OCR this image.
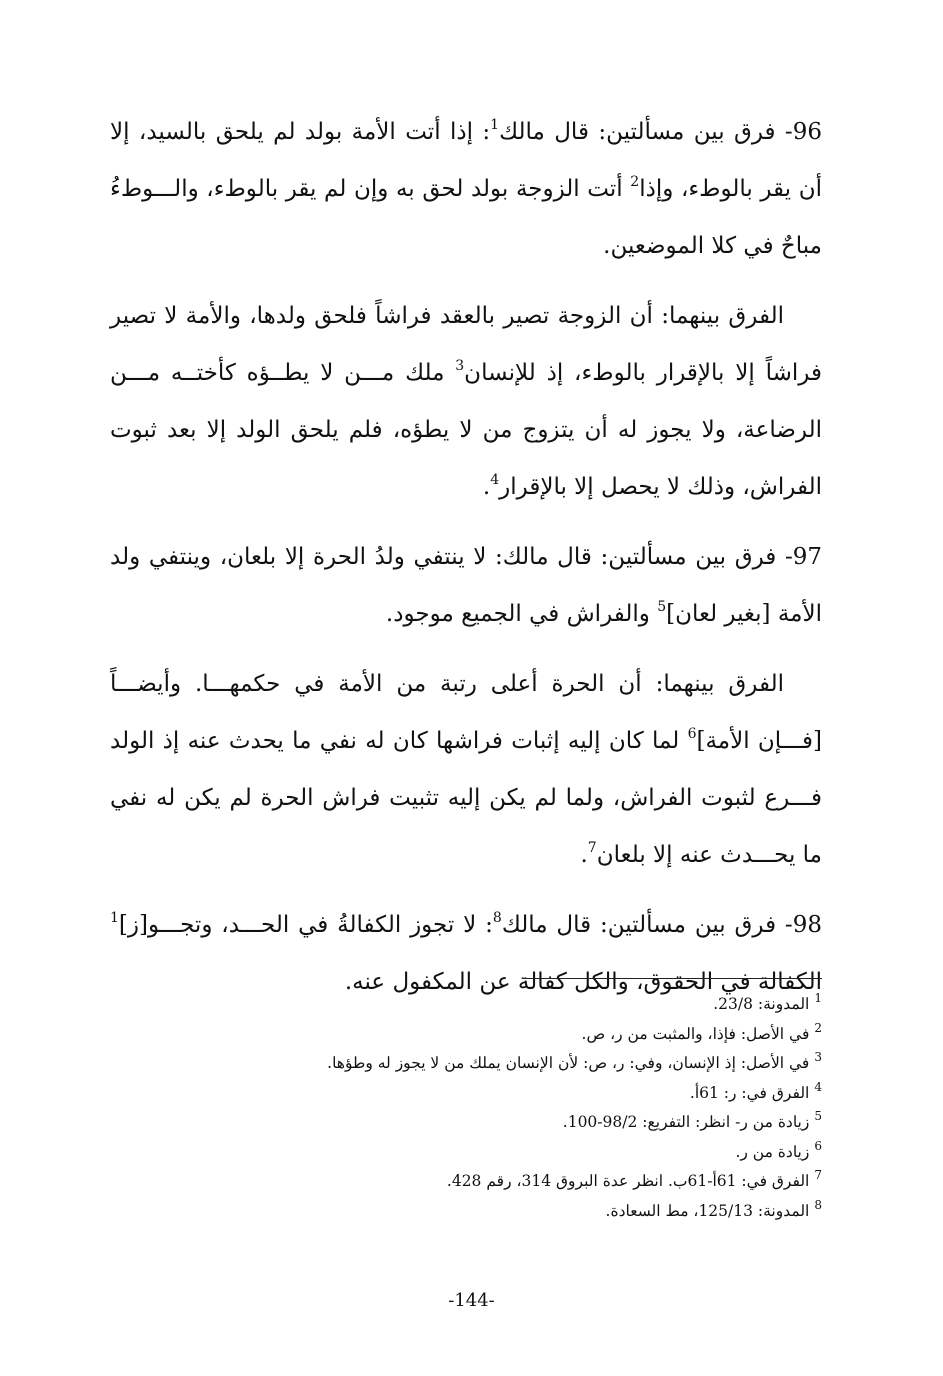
96- فرق بين مسألتين: قال مالك$^1$: إذا أتت الأمة بولد لم يلحق بالسيد، إلا أن يقر بالوطء، وإذا$^2$ أتت الزوجة بولد لحق به وإن لم يقر بالوطء، والـــوطءُ مباحٌ في كلا الموضعين.

الفرق بينهما: أن الزوجة تصير بالعقد فراشاً فلحق ولدها، والأمة لا تصير فراشاً إلا بالإقرار بالوطء، إذ للإنسان$^3$ ملك مـــن لا يطــؤه كأختــه مـــن الرضاعة، ولا يجوز له أن يتزوج من لا يطؤه، فلم يلحق الولد إلا بعد ثبوت الفراش، وذلك لا يحصل إلا بالإقرار$^4$.

97- فرق بين مسألتين: قال مالك: لا ينتفي ولدُ الحرة إلا بلعان، وينتفي ولد الأمة [بغير لعان]$^5$ والفراش في الجميع موجود.

الفرق بينهما: أن الحرة أعلى رتبة من الأمة في حكمهـــا. وأيضـــاً [فـــإن الأمة]$^6$ لما كان إليه إثبات فراشها كان له نفي ما يحدث عنه إذ الولد فـــرع لثبوت الفراش، ولما لم يكن إليه تثبيت فراش الحرة لم يكن له نفي ما يحـــدث عنه إلا بلعان$^7$.

98- فرق بين مسألتين: قال مالك$^8$: لا تجوز الكفالةُ في الحـــد، وتجـــو[ز]$^1$ الكفالة في الحقوق، والكل كفالة عن المكفول عنه.

$^1$المدونة: 23/8.

$^2$في الأصل: فإذا، والمثبت من ر، ص.

$^3$في الأصل: إذ الإنسان، وفي: ر، ص: لأن الإنسان يملك من لا يجوز له وطؤها.

$^4$الفرق في: ر: 61أ.

$^5$زيادة من ر- انظر: التفريع: 98/2-100.

$^6$زيادة من ر.

$^7$الفرق في: 61أ-61ب. انظر عدة البروق 314، رقم 428.

$^8$المدونة: 125/13، مط السعادة.

-144-
